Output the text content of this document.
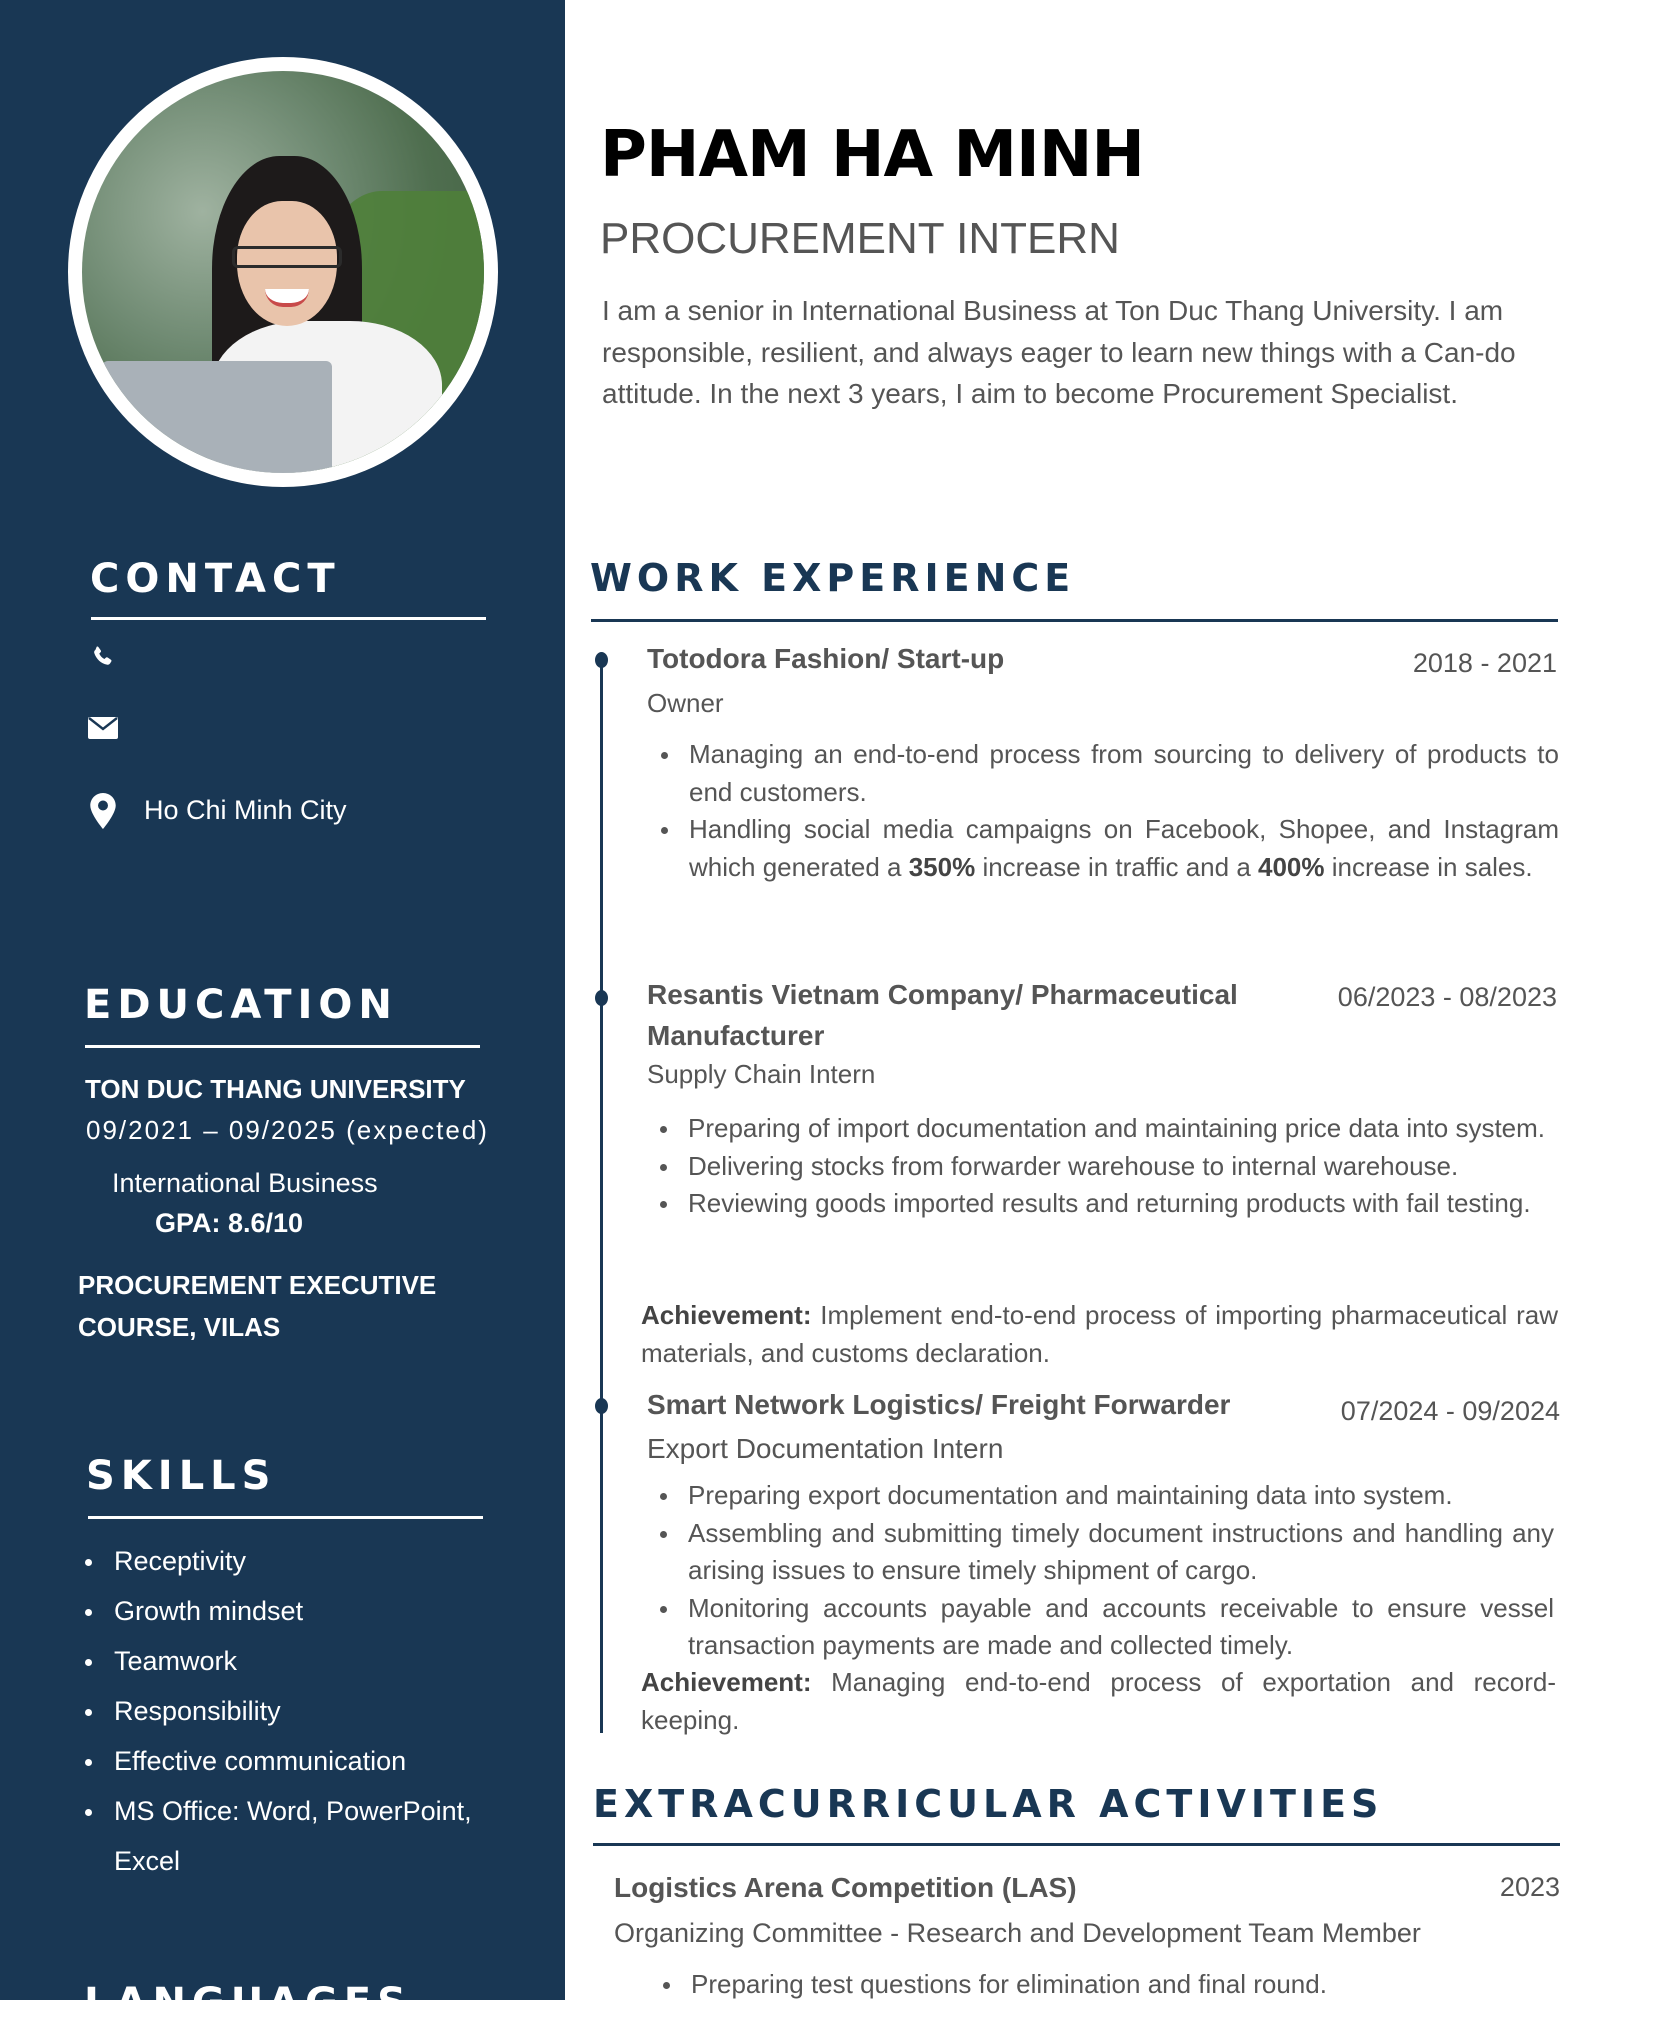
CONTACT
Ho Chi Minh City
EDUCATION
TON DUC THANG UNIVERSITY
09/2021 – 09/2025 (expected)
International Business
GPA: 8.6/10
PROCUREMENT EXECUTIVE
COURSE, VILAS
SKILLS
Receptivity
Growth mindset
Teamwork
Responsibility
Effective communication
MS Office: Word, PowerPoint, Excel
LANGUAGES
PHAM HA MINH
PROCUREMENT INTERN

I am a senior in International Business at Ton Duc Thang University. I am responsible, resilient, and always eager to learn new things with a Can-do attitude. In the next 3 years, I aim to become Procurement Specialist.

WORK EXPERIENCE
Totodora Fashion/ Start-up	2018 - 2021
Owner
Managing an end-to-end process from sourcing to delivery of products to end customers.
Handling social media campaigns on Facebook, Shopee, and Instagram which generated a 350% increase in traffic and a 400% increase in sales.
Resantis Vietnam Company/ Pharmaceutical Manufacturer
06/2023 - 08/2023
Supply Chain Intern
Preparing of import documentation and maintaining price data into system.
Delivering stocks from forwarder warehouse to internal warehouse.
Reviewing goods imported results and returning products with fail testing.

Achievement: Implement end-to-end process of importing pharmaceutical raw materials, and customs declaration.

Smart Network Logistics/ Freight Forwarder	07/2024 - 09/2024
Export Documentation Intern
Preparing export documentation and maintaining data into system.
Assembling and submitting timely document instructions and handling any arising issues to ensure timely shipment of cargo.
Monitoring accounts payable and accounts receivable to ensure vessel transaction payments are made and collected timely.

Achievement: Managing end-to-end process of exportation and record-keeping.

EXTRACURRICULAR ACTIVITIES
Logistics Arena Competition (LAS)	2023
Organizing Committee - Research and Development Team Member
Preparing test questions for elimination and final round.
